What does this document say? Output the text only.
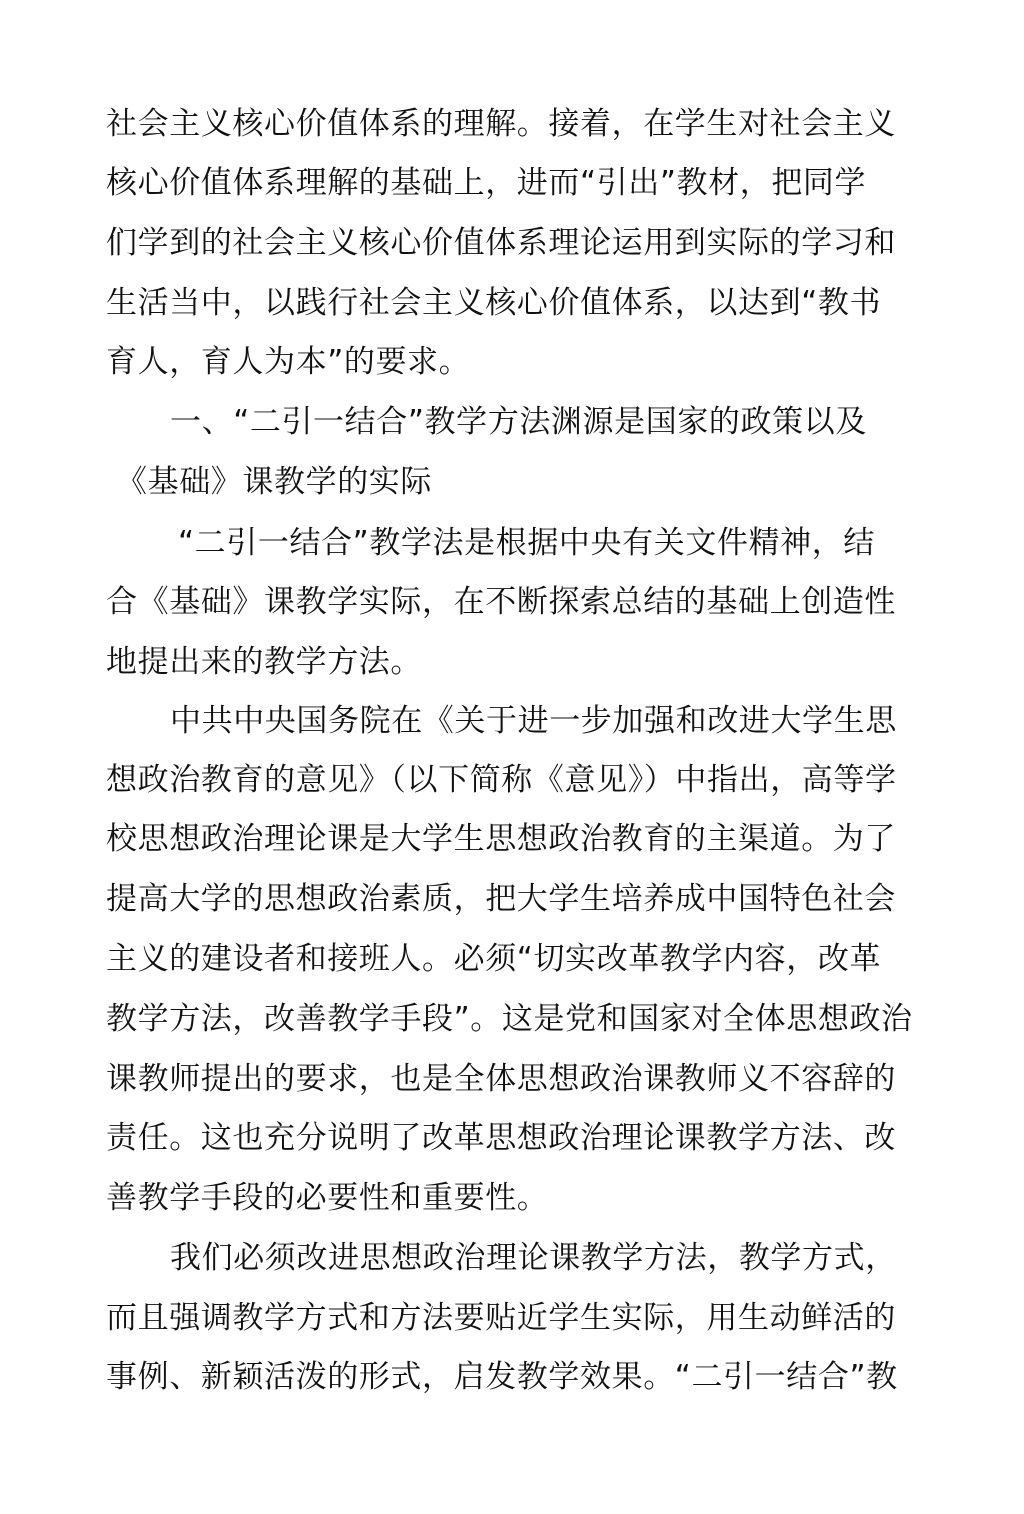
社会主义核心价值体系的理解。接着，在学生对社会主义
核心价值体系理解的基础上，进而“引出”教材，把同学
们学到的社会主义核心价值体系理论运用到实际的学习和
生活当中，以践行社会主义核心价值体系，以达到“教书
育人，育人为本”的要求。
一、“二引一结合”教学方法渊源是国家的政策以及
《基础》课教学的实际
“二引一结合”教学法是根据中央有关文件精神，结
合《基础》课教学实际，在不断探索总结的基础上创造性
地提出来的教学方法。
中共中央国务院在《关于进一步加强和改进大学生思
想政治教育的意见》（以下简称《意见》）中指出，高等学
校思想政治理论课是大学生思想政治教育的主渠道。为了
提高大学的思想政治素质，把大学生培养成中国特色社会
主义的建设者和接班人。必须“切实改革教学内容，改革
教学方法，改善教学手段”。这是党和国家对全体思想政治
课教师提出的要求，也是全体思想政治课教师义不容辞的
责任。这也充分说明了改革思想政治理论课教学方法、改
善教学手段的必要性和重要性。
我们必须改进思想政治理论课教学方法，教学方式，
而且强调教学方式和方法要贴近学生实际，用生动鲜活的
事例、新颖活泼的形式，启发教学效果。“二引一结合”教
